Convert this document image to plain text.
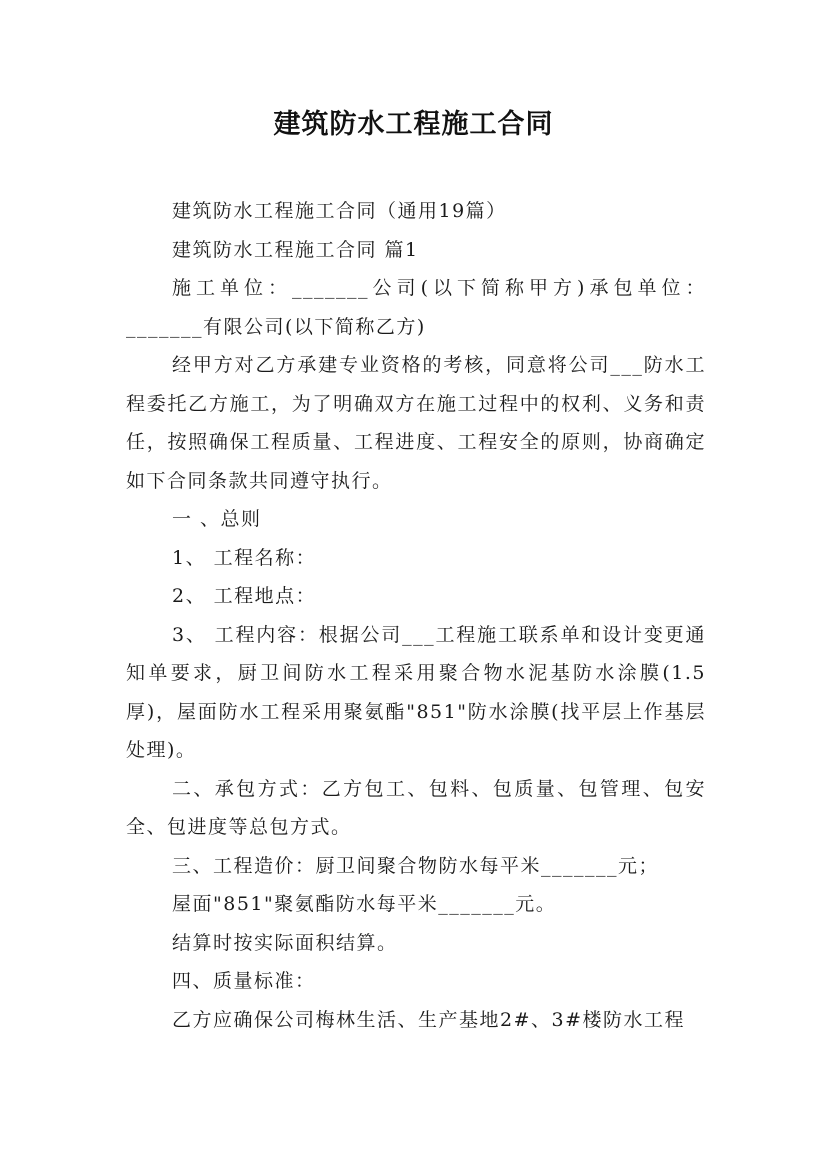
建筑防水工程施工合同

建筑防水工程施工合同（通用19篇）

建筑防水工程施工合同 篇1

施工单位：_______公司(以下简称甲方)承包单位：_______有限公司(以下简称乙方)

经甲方对乙方承建专业资格的考核，同意将公司___防水工程委托乙方施工，为了明确双方在施工过程中的权利、义务和责任，按照确保工程质量、工程进度、工程安全的原则，协商确定如下合同条款共同遵守执行。

一 、总则

1、 工程名称：

2、 工程地点：

3、 工程内容：根据公司___工程施工联系单和设计变更通知单要求，厨卫间防水工程采用聚合物水泥基防水涂膜(1.5厚)，屋面防水工程采用聚氨酯"851"防水涂膜(找平层上作基层处理)。

二、承包方式：乙方包工、包料、包质量、包管理、包安全、包进度等总包方式。

三、工程造价：厨卫间聚合物防水每平米_______元；

屋面"851"聚氨酯防水每平米_______元。

结算时按实际面积结算。

四、质量标准：

乙方应确保公司梅林生活、生产基地2#、3#楼防水工程
